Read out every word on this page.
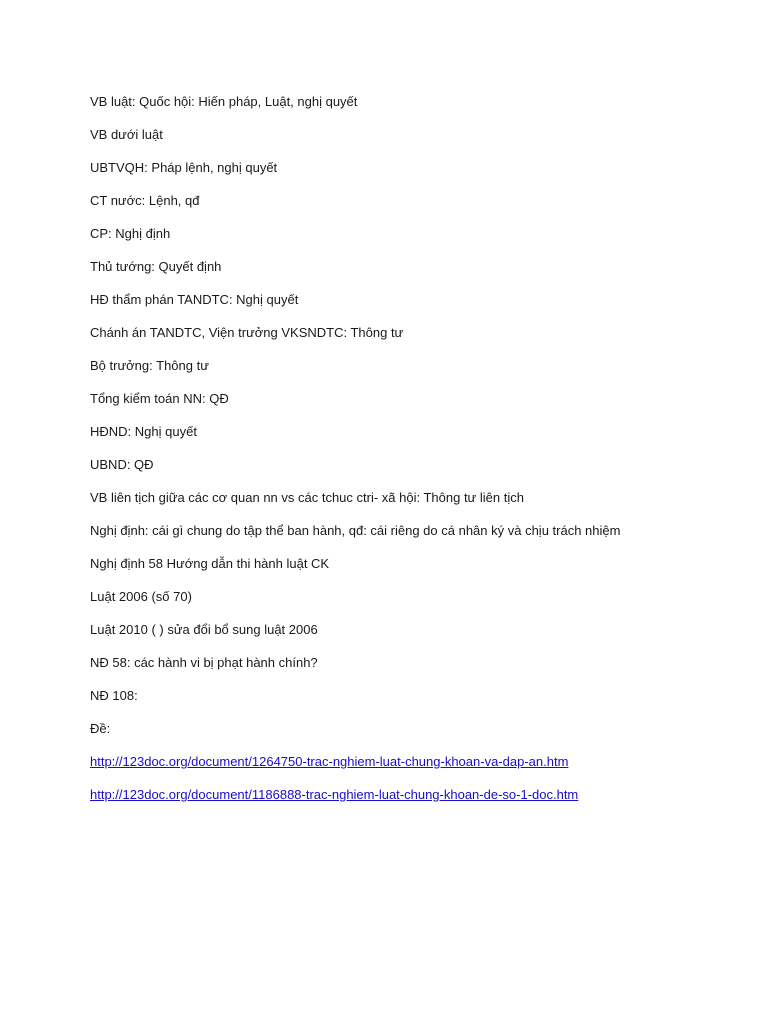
VB luật: Quốc hội: Hiến pháp, Luật, nghị quyết
VB dưới luật
UBTVQH: Pháp lệnh, nghị quyết
CT nước: Lệnh, qđ
CP: Nghị định
Thủ tướng: Quyết định
HĐ thẩm phán TANDTC: Nghị quyết
Chánh án TANDTC, Viện trưởng VKSNDTC: Thông tư
Bộ trưởng: Thông tư
Tổng kiểm toán NN: QĐ
HĐND: Nghị quyết
UBND: QĐ
VB liên tịch giữa các cơ quan nn vs các tchuc ctri- xã hội: Thông tư liên tịch
Nghị định: cái gì chung do tập thể ban hành, qđ: cái riêng do cá nhân ký và chịu trách nhiệm
Nghị định 58 Hướng dẫn thi hành luật CK
Luật 2006 (số 70)
Luật 2010 ( ) sửa đổi bổ sung luật 2006
NĐ 58: các hành vi bị phạt hành chính?
NĐ 108:
Đề:
http://123doc.org/document/1264750-trac-nghiem-luat-chung-khoan-va-dap-an.htm
http://123doc.org/document/1186888-trac-nghiem-luat-chung-khoan-de-so-1-doc.htm
